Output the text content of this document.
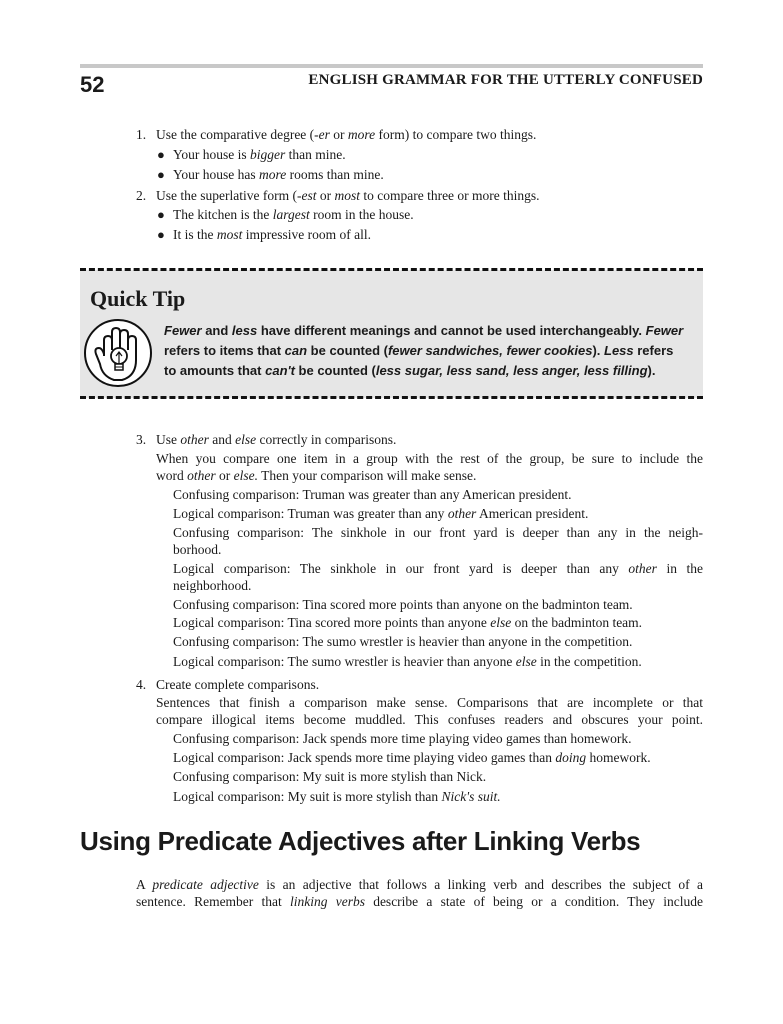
52	ENGLISH GRAMMAR FOR THE UTTERLY CONFUSED
1. Use the comparative degree (-er or more form) to compare two things.
● Your house is bigger than mine.
● Your house has more rooms than mine.
2. Use the superlative form (-est or most to compare three or more things.
● The kitchen is the largest room in the house.
● It is the most impressive room of all.
Quick Tip
Fewer and less have different meanings and cannot be used interchangeably. Fewer
refers to items that can be counted (fewer sandwiches, fewer cookies). Less refers
to amounts that can't be counted (less sugar, less sand, less anger, less filling).
3. Use other and else correctly in comparisons.
When you compare one item in a group with the rest of the group, be sure to include the
word other or else. Then your comparison will make sense.
Confusing comparison: Truman was greater than any American president.
Logical comparison: Truman was greater than any other American president.
Confusing comparison: The sinkhole in our front yard is deeper than any in the neigh-
borhood.
Logical comparison: The sinkhole in our front yard is deeper than any other in the
neighborhood.
Confusing comparison: Tina scored more points than anyone on the badminton team.
Logical comparison: Tina scored more points than anyone else on the badminton team.
Confusing comparison: The sumo wrestler is heavier than anyone in the competition.
Logical comparison: The sumo wrestler is heavier than anyone else in the competition.
4. Create complete comparisons.
Sentences that finish a comparison make sense. Comparisons that are incomplete or that
compare illogical items become muddled. This confuses readers and obscures your point.
Confusing comparison: Jack spends more time playing video games than homework.
Logical comparison: Jack spends more time playing video games than doing homework.
Confusing comparison: My suit is more stylish than Nick.
Logical comparison: My suit is more stylish than Nick's suit.
Using Predicate Adjectives after Linking Verbs
A predicate adjective is an adjective that follows a linking verb and describes the subject of a
sentence. Remember that linking verbs describe a state of being or a condition. They include
